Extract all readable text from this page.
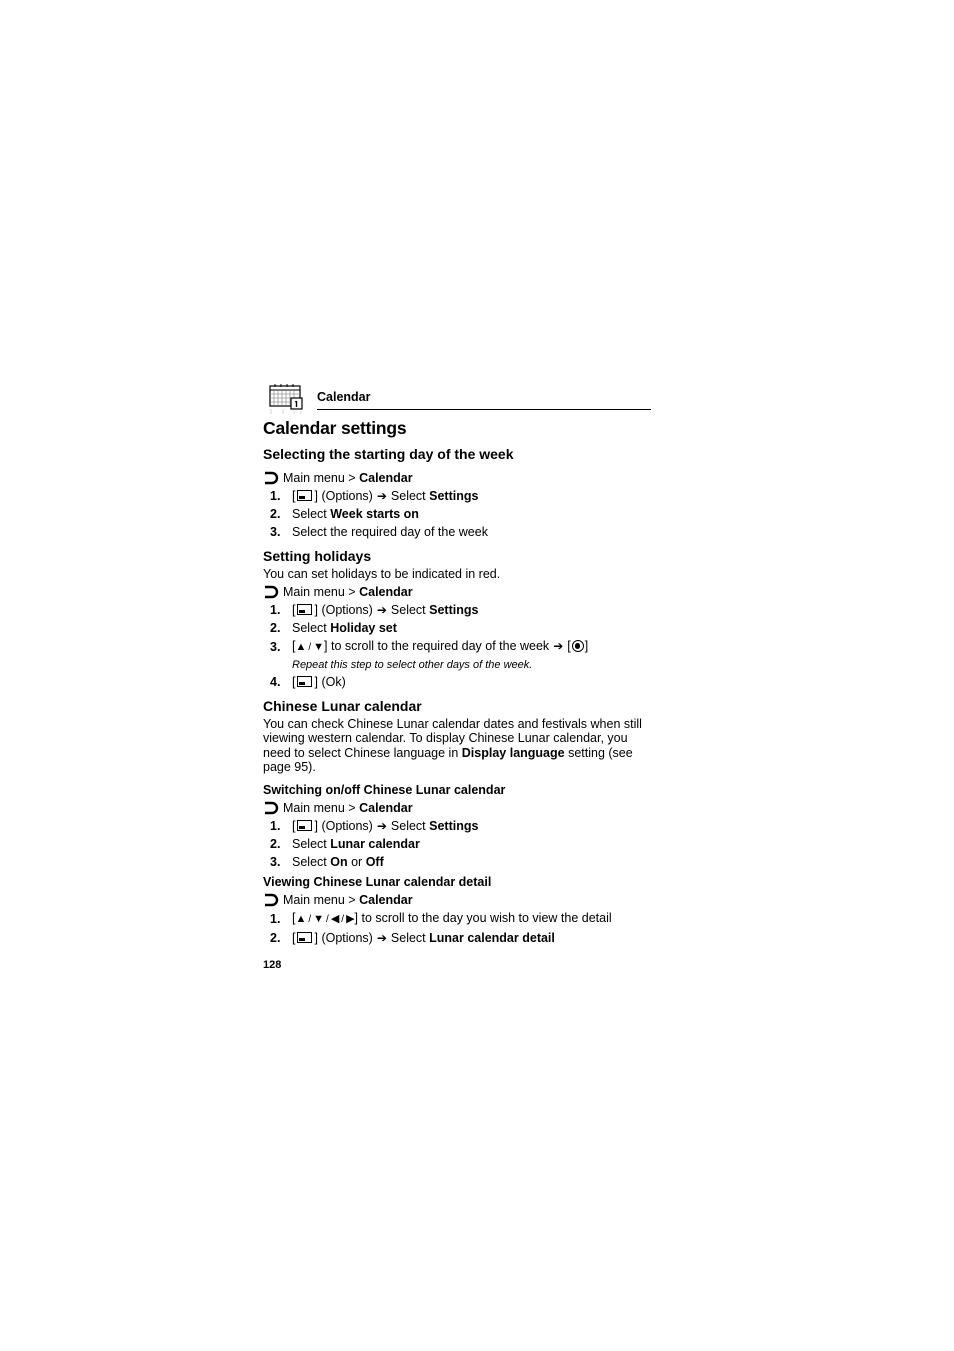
Calendar
Calendar settings
Selecting the starting day of the week
Main menu >
Calendar
1. [ ] (Options) ➔ Select Settings
2. Select Week starts on
3. Select the required day of the week
Setting holidays

You can set holidays to be indicated in red.

Main menu >
Calendar
1. [ ] (Options) ➔ Select Settings
2. Select Holiday set
3. [▲ / ▼] to scroll to the required day of the week ➔ [ ]
Repeat this step to select other days of the week.
4. [ ] (Ok)
Chinese Lunar calendar

You can check Chinese Lunar calendar dates and festivals when still viewing western calendar. To display Chinese Lunar calendar, you need to select Chinese language in Display language setting (see page 95).

Switching on/off Chinese Lunar calendar
Main menu >
Calendar
1. [ ] (Options) ➔ Select Settings
2. Select Lunar calendar
3. Select On or Off
Viewing Chinese Lunar calendar detail
Main menu >
Calendar
1. [▲ / ▼ / ◀ / ▶] to scroll to the day you wish to view the detail
2. [ ] (Options) ➔ Select Lunar calendar detail
128
